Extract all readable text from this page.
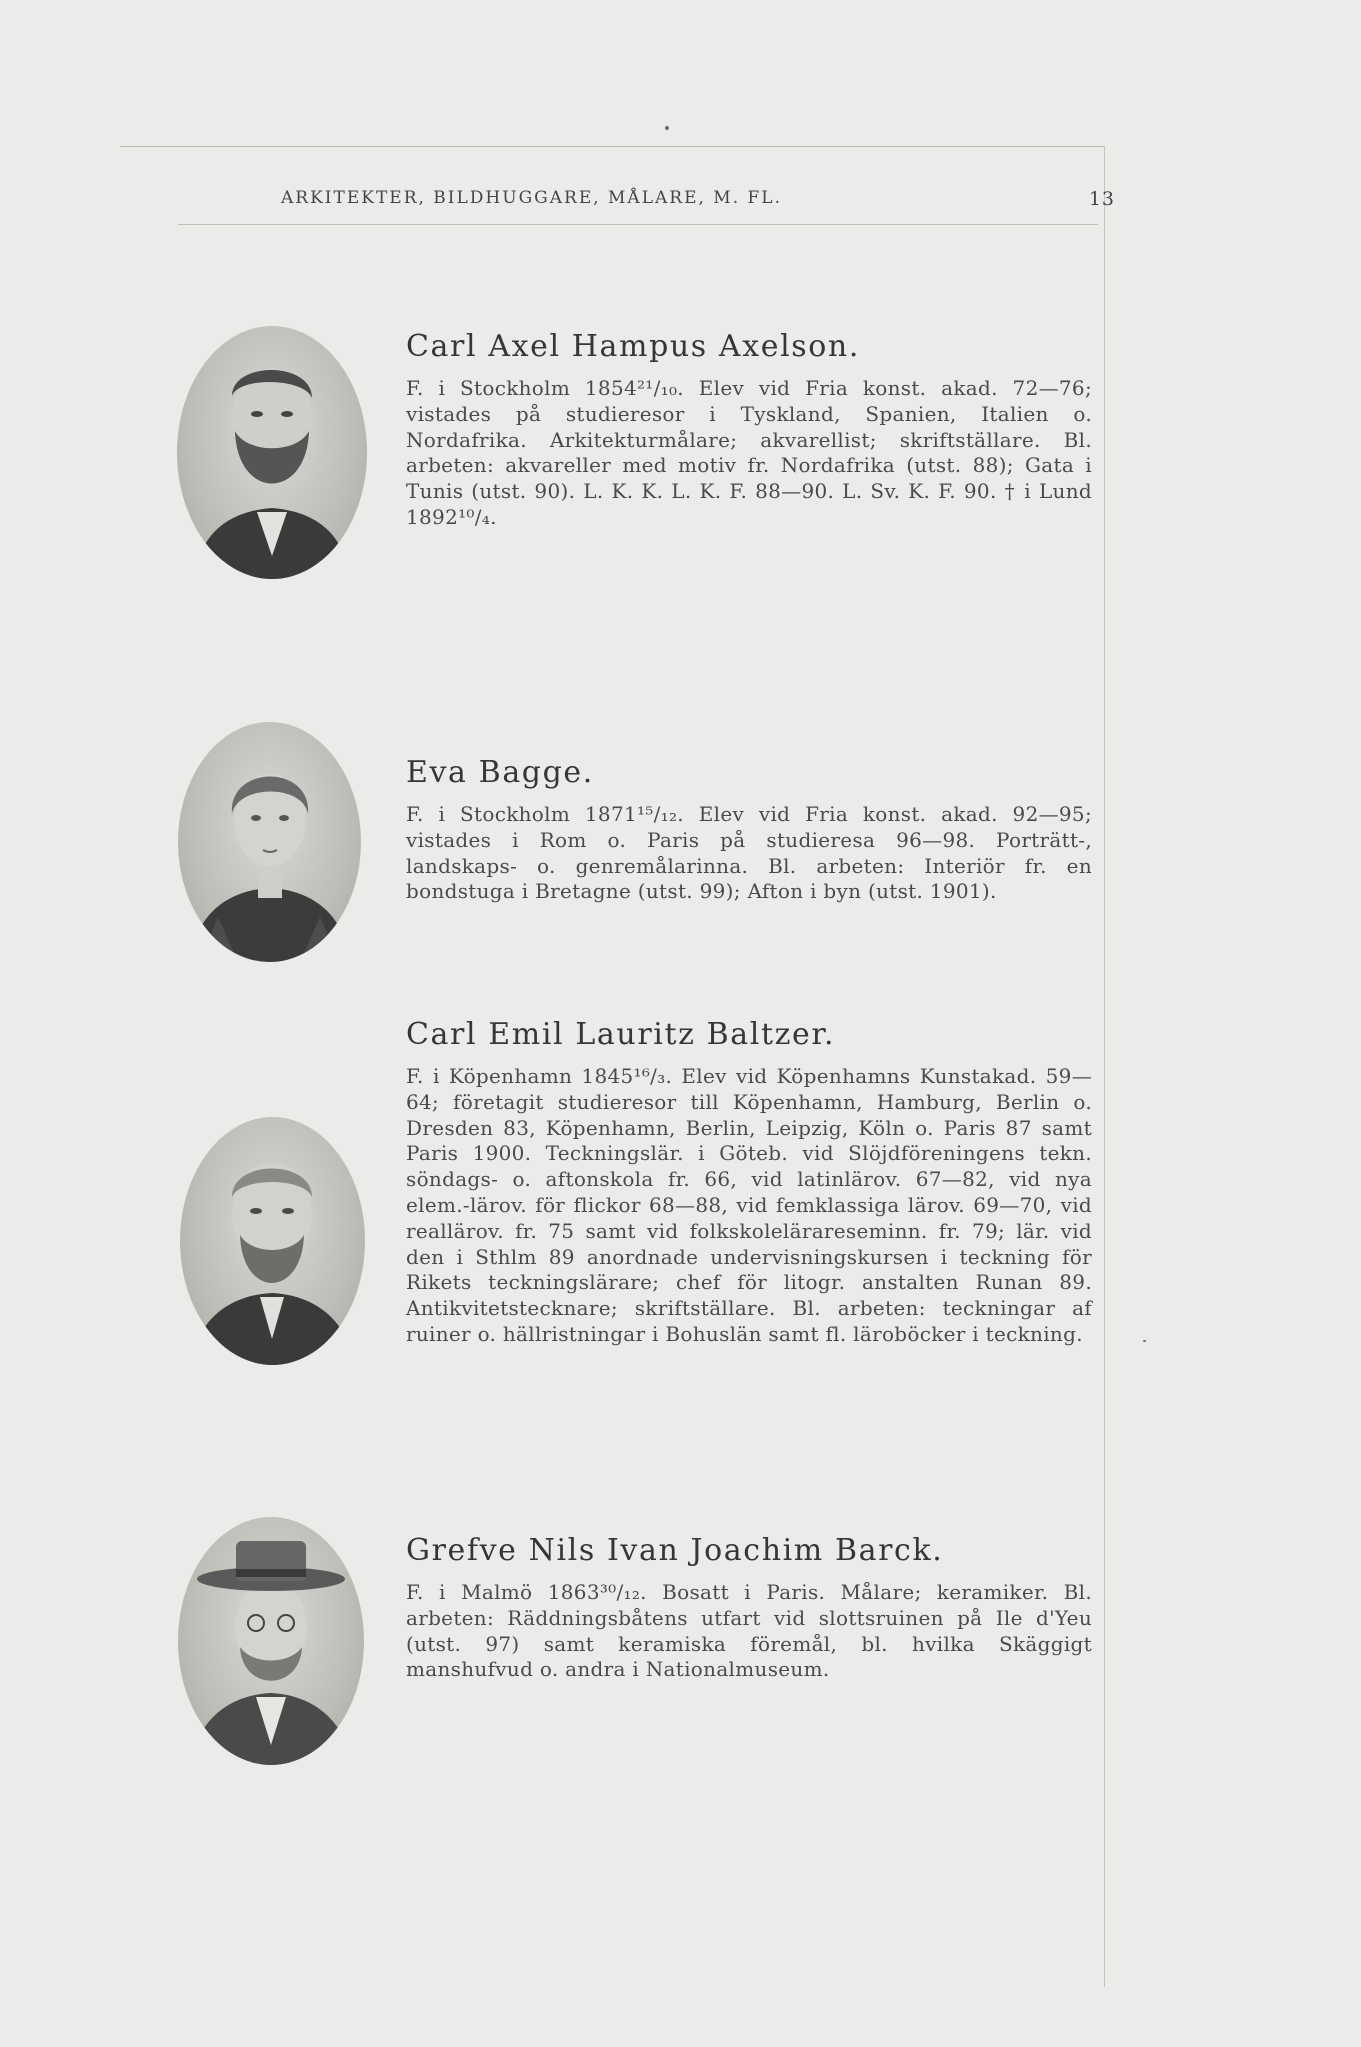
ARKITEKTER, BILDHUGGARE, MÅLARE, M. FL.	13
Carl Axel Hampus Axelson.

F. i Stockholm 1854²¹/₁₀. Elev vid Fria konst. akad. 72—76; vistades på studieresor i Tyskland, Spanien, Italien o. Nordafrika. Arkitekturmålare; akvarellist; skriftställare. Bl. arbeten: akvareller med motiv fr. Nordafrika (utst. 88); Gata i Tunis (utst. 90). L. K. K. L. K. F. 88—90. L. Sv. K. F. 90. † i Lund 1892¹⁰/₄.

Eva Bagge.

F. i Stockholm 1871¹⁵/₁₂. Elev vid Fria konst. akad. 92—95; vistades i Rom o. Paris på studieresa 96—98. Porträtt-, landskaps- o. genremålarinna. Bl. arbeten: Interiör fr. en bondstuga i Bretagne (utst. 99); Afton i byn (utst. 1901).

Carl Emil Lauritz Baltzer.

F. i Köpenhamn 1845¹⁶/₃. Elev vid Köpenhamns Kunstakad. 59—64; företagit studieresor till Köpenhamn, Hamburg, Berlin o. Dresden 83, Köpenhamn, Berlin, Leipzig, Köln o. Paris 87 samt Paris 1900. Teckningslär. i Göteb. vid Slöjdföreningens tekn. söndags- o. aftonskola fr. 66, vid latinlärov. 67—82, vid nya elem.-lärov. för flickor 68—88, vid femklassiga lärov. 69—70, vid reallärov. fr. 75 samt vid folkskolelärareseminn. fr. 79; lär. vid den i Sthlm 89 anordnade undervisningskursen i teckning för Rikets teckningslärare; chef för litogr. anstalten Runan 89. Antikvitetstecknare; skriftställare. Bl. arbeten: teckningar af ruiner o. hällristningar i Bohuslän samt fl. läroböcker i teckning.

Grefve Nils Ivan Joachim Barck.

F. i Malmö 1863³⁰/₁₂. Bosatt i Paris. Målare; keramiker. Bl. arbeten: Räddningsbåtens utfart vid slottsruinen på Ile d'Yeu (utst. 97) samt keramiska föremål, bl. hvilka Skäggigt manshufvud o. andra i Nationalmuseum.
